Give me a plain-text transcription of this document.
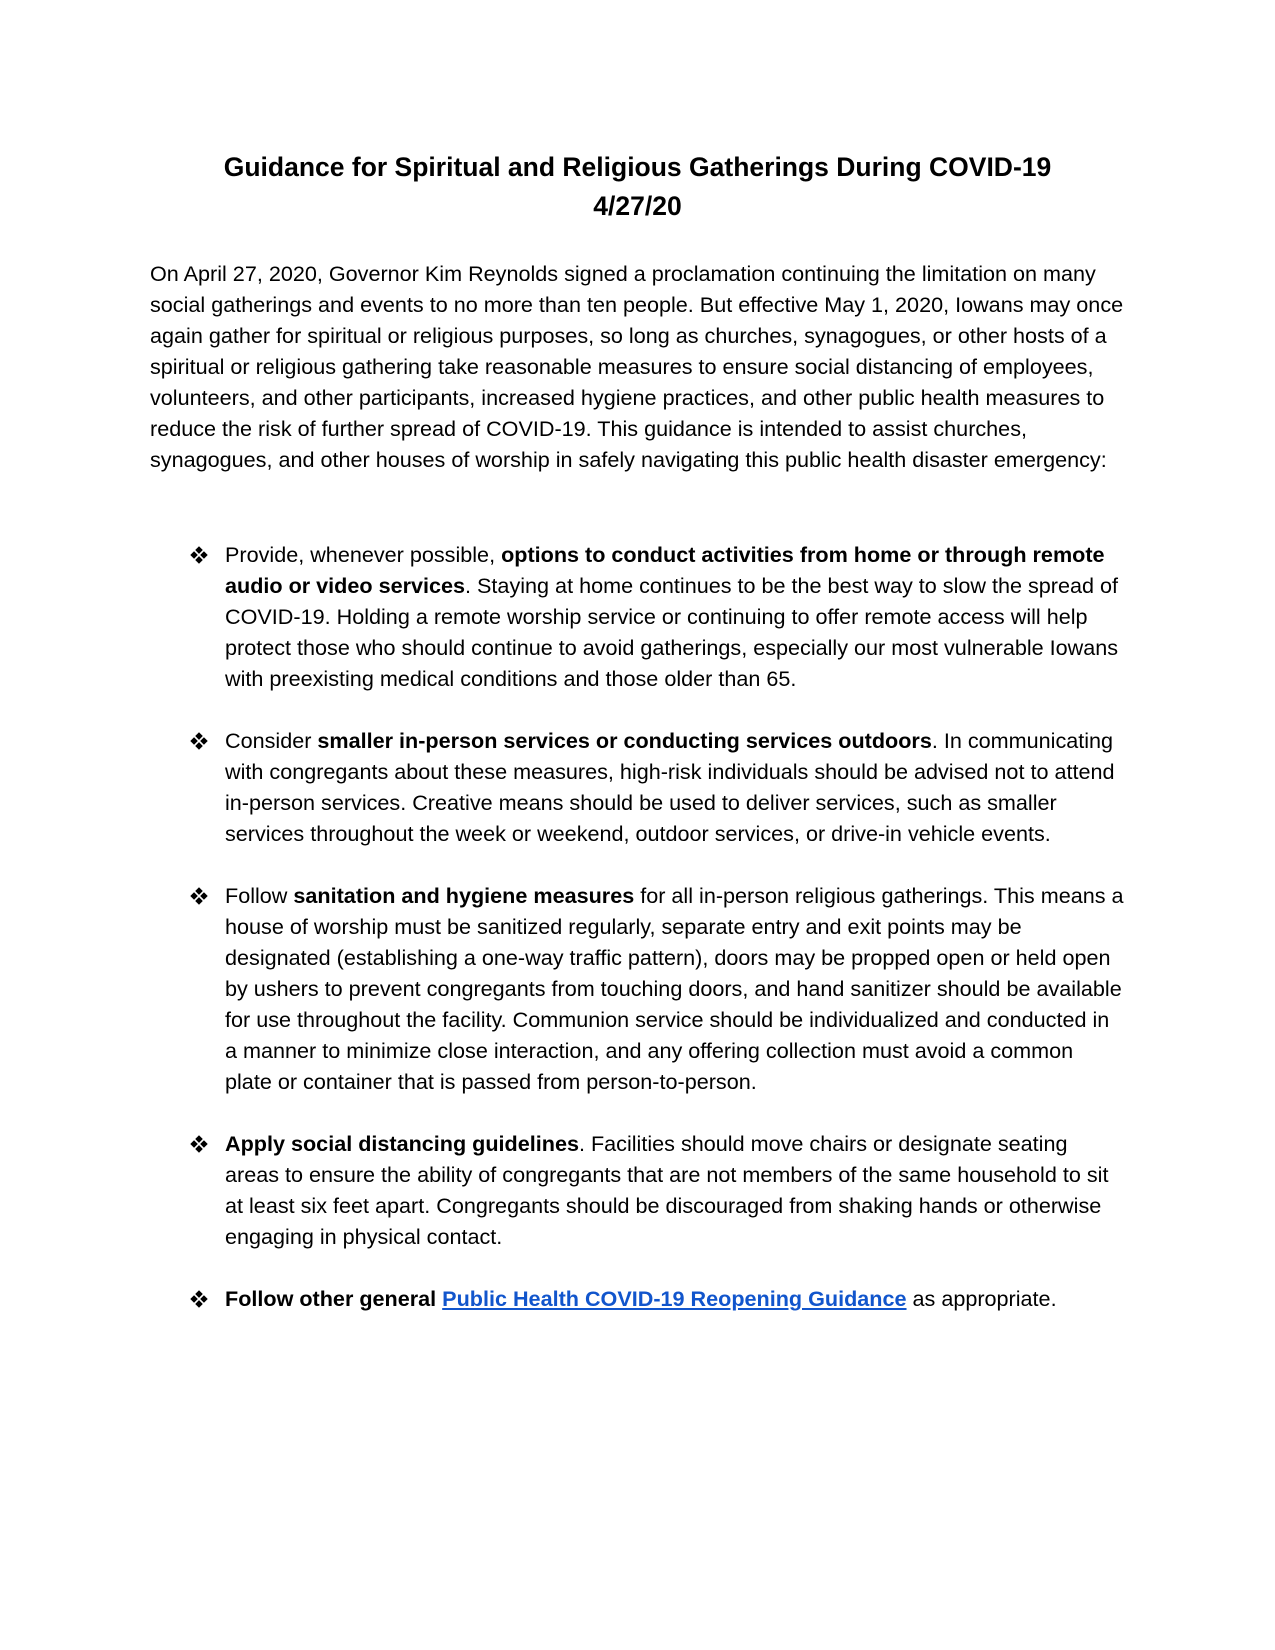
Guidance for Spiritual and Religious Gatherings During COVID-19
4/27/20

On April 27, 2020, Governor Kim Reynolds signed a proclamation continuing the limitation on many social gatherings and events to no more than ten people. But effective May 1, 2020, Iowans may once again gather for spiritual or religious purposes, so long as churches, synagogues, or other hosts of a spiritual or religious gathering take reasonable measures to ensure social distancing of employees, volunteers, and other participants, increased hygiene practices, and other public health measures to reduce the risk of further spread of COVID-19. This guidance is intended to assist churches, synagogues, and other houses of worship in safely navigating this public health disaster emergency:

Provide, whenever possible, options to conduct activities from home or through remote audio or video services. Staying at home continues to be the best way to slow the spread of COVID-19. Holding a remote worship service or continuing to offer remote access will help protect those who should continue to avoid gatherings, especially our most vulnerable Iowans with preexisting medical conditions and those older than 65.
Consider smaller in-person services or conducting services outdoors. In communicating with congregants about these measures, high-risk individuals should be advised not to attend in-person services. Creative means should be used to deliver services, such as smaller services throughout the week or weekend, outdoor services, or drive-in vehicle events.
Follow sanitation and hygiene measures for all in-person religious gatherings. This means a house of worship must be sanitized regularly, separate entry and exit points may be designated (establishing a one-way traffic pattern), doors may be propped open or held open by ushers to prevent congregants from touching doors, and hand sanitizer should be available for use throughout the facility. Communion service should be individualized and conducted in a manner to minimize close interaction, and any offering collection must avoid a common plate or container that is passed from person-to-person.
Apply social distancing guidelines. Facilities should move chairs or designate seating areas to ensure the ability of congregants that are not members of the same household to sit at least six feet apart. Congregants should be discouraged from shaking hands or otherwise engaging in physical contact.
Follow other general Public Health COVID-19 Reopening Guidance as appropriate.
